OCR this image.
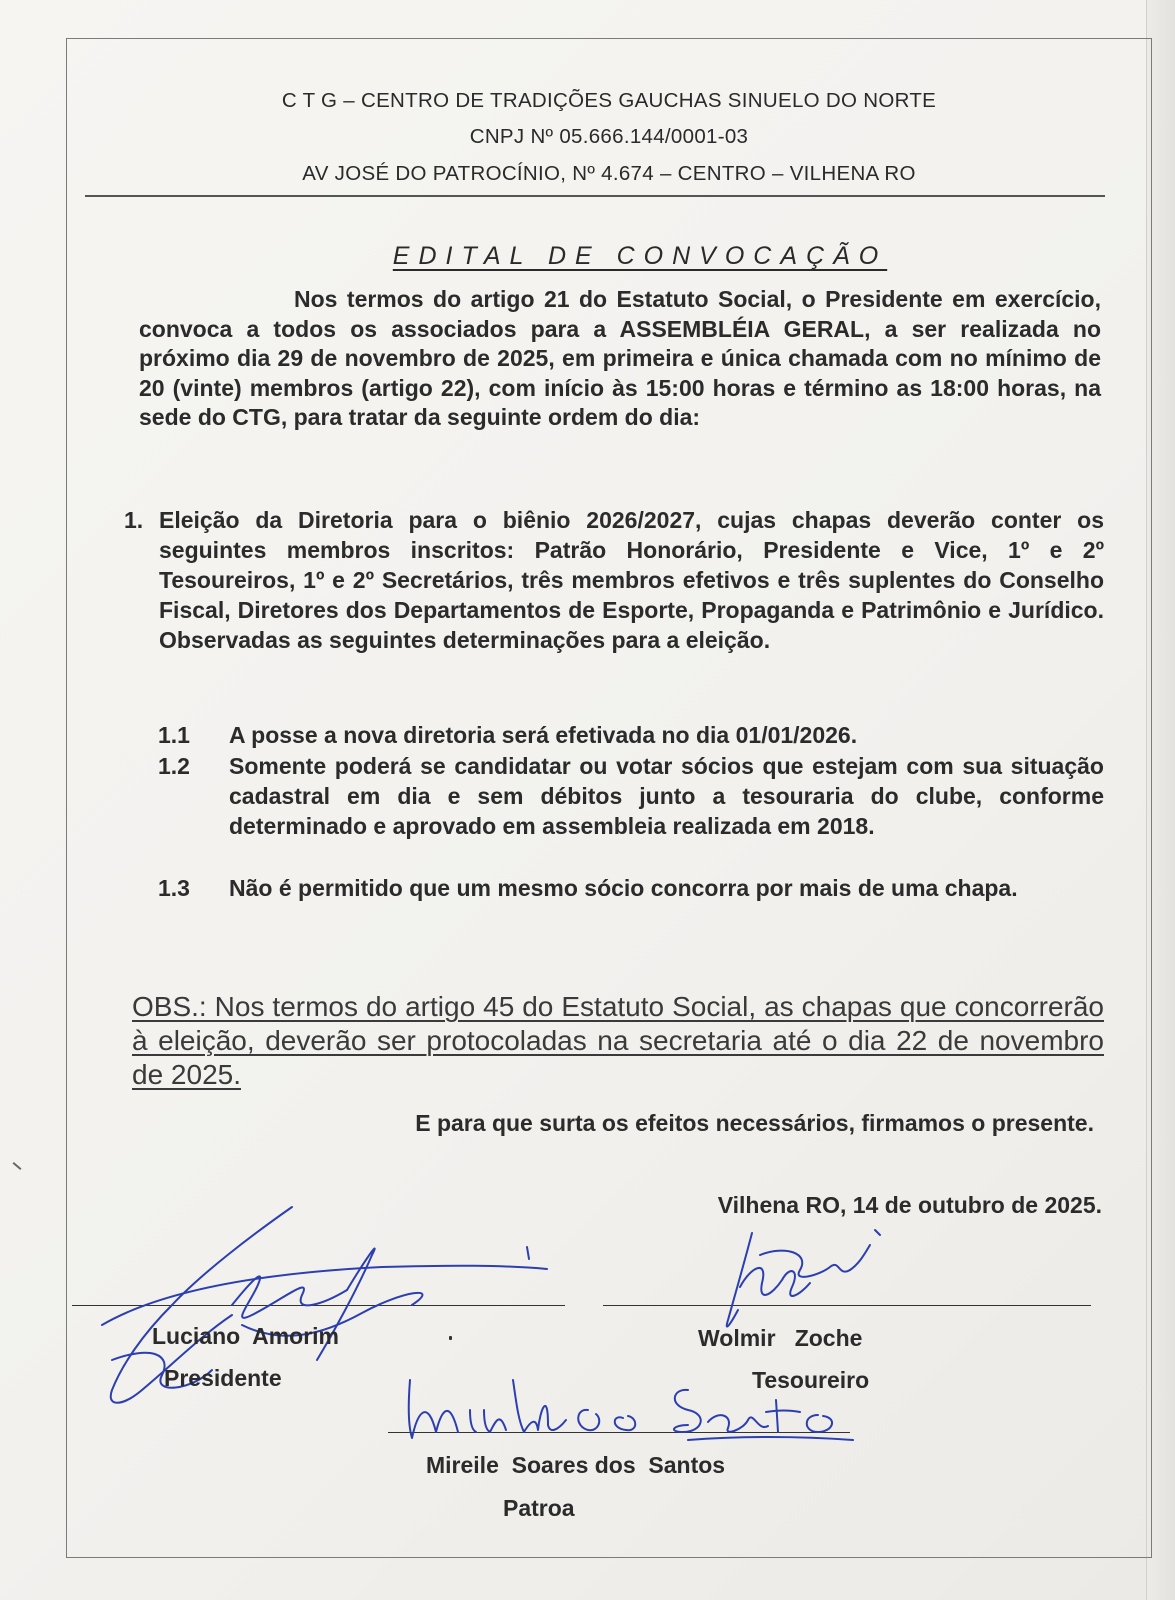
C T G – CENTRO DE TRADIÇÕES GAUCHAS SINUELO DO NORTE
CNPJ Nº 05.666.144/0001-03
AV JOSÉ DO PATROCÍNIO, Nº 4.674 – CENTRO – VILHENA RO
EDITAL DE CONVOCAÇÃO
Nos termos do artigo 21 do Estatuto Social, o Presidente em exercício, convoca a todos os associados para a ASSEMBLÉIA GERAL, a ser realizada no próximo dia 29 de novembro de 2025, em primeira e única chamada com no mínimo de 20 (vinte) membros (artigo 22), com início às 15:00 horas e término as 18:00 horas, na sede do CTG, para tratar da seguinte ordem do dia:
1. Eleição da Diretoria para o biênio 2026/2027, cujas chapas deverão conter os seguintes membros inscritos: Patrão Honorário, Presidente e Vice, 1º e 2º Tesoureiros, 1º e 2º Secretários, três membros efetivos e três suplentes do Conselho Fiscal, Diretores dos Departamentos de Esporte, Propaganda e Patrimônio e Jurídico. Observadas as seguintes determinações para a eleição.
1.1 A posse a nova diretoria será efetivada no dia 01/01/2026.
1.2 Somente poderá se candidatar ou votar sócios que estejam com sua situação cadastral em dia e sem débitos junto a tesouraria do clube, conforme determinado e aprovado em assembleia realizada em 2018.
1.3 Não é permitido que um mesmo sócio concorra por mais de uma chapa.
OBS.: Nos termos do artigo 45 do Estatuto Social, as chapas que concorrerão à eleição, deverão ser protocoladas na secretaria até o dia 22 de novembro de 2025.
E para que surta os efeitos necessários, firmamos o presente.
Vilhena RO, 14 de outubro de 2025.
Luciano  Amorim
Presidente
Wolmir   Zoche
Tesoureiro
Mireile  Soares dos  Santos
Patroa
